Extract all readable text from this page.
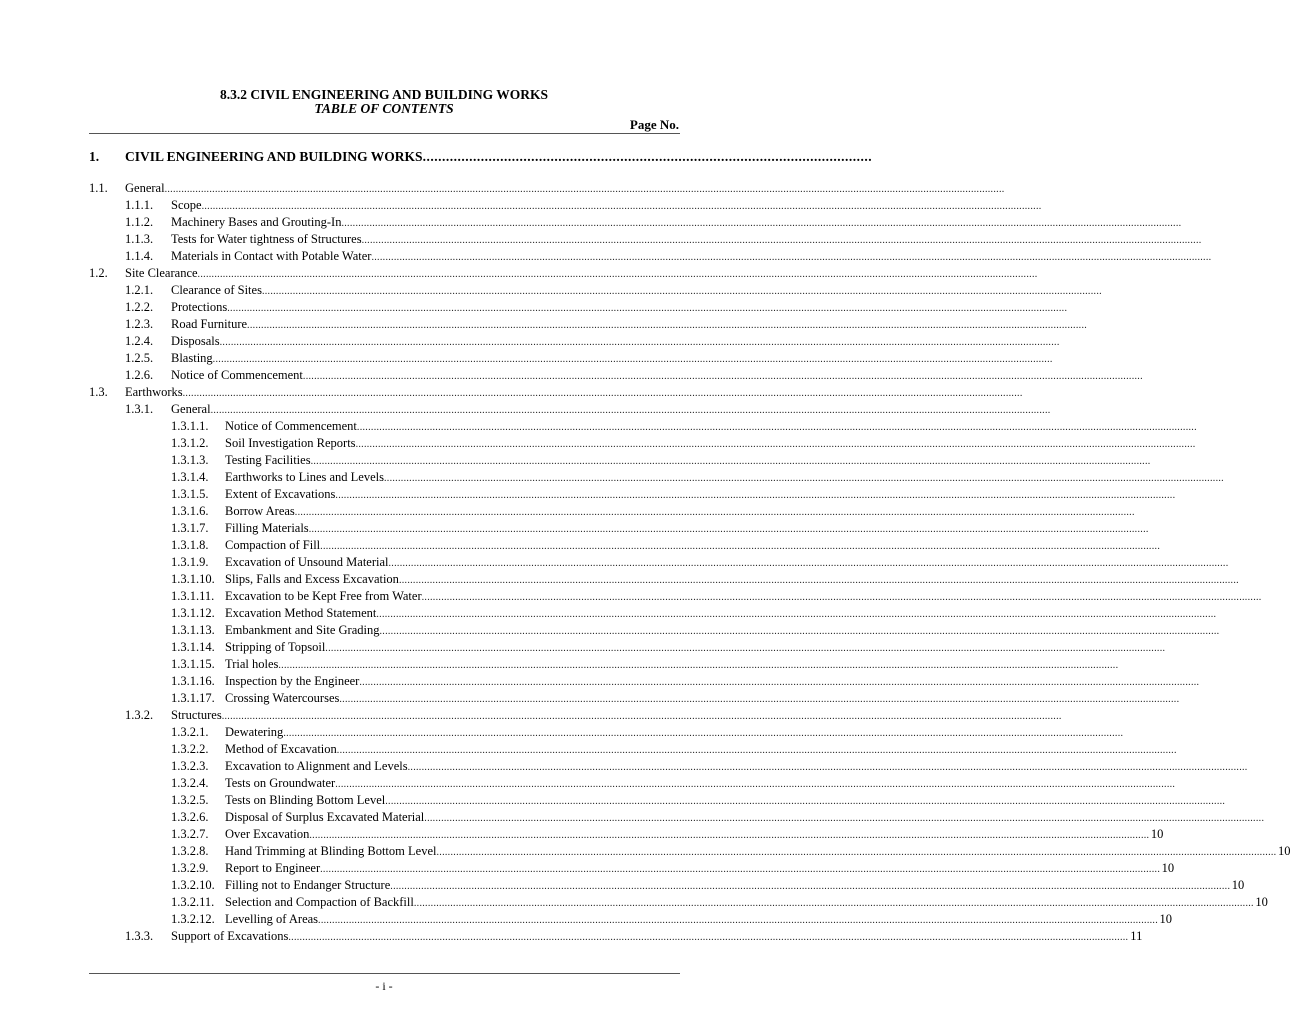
8.3.2 CIVIL ENGINEERING AND BUILDING WORKS
TABLE OF CONTENTS
Page No.
1.	CIVIL ENGINEERING AND BUILDING WORKS ....................................................................................................................
1.1.	General ............................................................................................................................................................................................................................................................................................................
1.1.1.	Scope ............................................................................................................................................................................................................................................................................................................
1.1.2.	Machinery Bases and Grouting-In ............................................................................................................................................................................................................................................................................................................
1.1.3.	Tests for Water tightness of Structures ............................................................................................................................................................................................................................................................................................................
1.1.4.	Materials in Contact with Potable Water ............................................................................................................................................................................................................................................................................................................
1.2.	Site Clearance ............................................................................................................................................................................................................................................................................................................
1.2.1.	Clearance of Sites ............................................................................................................................................................................................................................................................................................................
1.2.2.	Protections ............................................................................................................................................................................................................................................................................................................
1.2.3.	Road Furniture ............................................................................................................................................................................................................................................................................................................
1.2.4.	Disposals ............................................................................................................................................................................................................................................................................................................
1.2.5.	Blasting ............................................................................................................................................................................................................................................................................................................
1.2.6.	Notice of Commencement ............................................................................................................................................................................................................................................................................................................
1.3.	Earthworks ............................................................................................................................................................................................................................................................................................................
1.3.1.	General ............................................................................................................................................................................................................................................................................................................
1.3.1.1.	Notice of Commencement ............................................................................................................................................................................................................................................................................................................
1.3.1.2.	Soil Investigation Reports ............................................................................................................................................................................................................................................................................................................
1.3.1.3.	Testing Facilities ............................................................................................................................................................................................................................................................................................................
1.3.1.4.	Earthworks to Lines and Levels ............................................................................................................................................................................................................................................................................................................
1.3.1.5.	Extent of Excavations ............................................................................................................................................................................................................................................................................................................
1.3.1.6.	Borrow Areas ............................................................................................................................................................................................................................................................................................................
1.3.1.7.	Filling Materials ............................................................................................................................................................................................................................................................................................................
1.3.1.8.	Compaction of Fill ............................................................................................................................................................................................................................................................................................................
1.3.1.9.	Excavation of Unsound Material ............................................................................................................................................................................................................................................................................................................
1.3.1.10. Slips, Falls and Excess Excavation ............................................................................................................................................................................................................................................................................................................
1.3.1.11. Excavation to be Kept Free from Water ............................................................................................................................................................................................................................................................................................................
1.3.1.12. Excavation Method Statement ............................................................................................................................................................................................................................................................................................................
1.3.1.13. Embankment and Site Grading ............................................................................................................................................................................................................................................................................................................
1.3.1.14. Stripping of Topsoil ............................................................................................................................................................................................................................................................................................................
1.3.1.15. Trial holes ............................................................................................................................................................................................................................................................................................................
1.3.1.16. Inspection by the Engineer ............................................................................................................................................................................................................................................................................................................
1.3.1.17. Crossing Watercourses ............................................................................................................................................................................................................................................................................................................
1.3.2.	Structures ............................................................................................................................................................................................................................................................................................................
1.3.2.1.	Dewatering ............................................................................................................................................................................................................................................................................................................
1.3.2.2.	Method of Excavation ............................................................................................................................................................................................................................................................................................................
1.3.2.3.	Excavation to Alignment and Levels ............................................................................................................................................................................................................................................................................................................
1.3.2.4.	Tests on Groundwater ............................................................................................................................................................................................................................................................................................................
1.3.2.5.	Tests on Blinding Bottom Level ............................................................................................................................................................................................................................................................................................................
1.3.2.6.	Disposal of Surplus Excavated Material ............................................................................................................................................................................................................................................................................................................
1.3.2.7.	Over Excavation ............................................................................................................................................................................................................................................................................................................ 10
1.3.2.8.	Hand Trimming at Blinding Bottom Level ............................................................................................................................................................................................................................................................................................................ 10
1.3.2.9.	Report to Engineer ............................................................................................................................................................................................................................................................................................................ 10
1.3.2.10. Filling not to Endanger Structure ............................................................................................................................................................................................................................................................................................................ 10
1.3.2.11. Selection and Compaction of Backfill ............................................................................................................................................................................................................................................................................................................ 10
1.3.2.12. Levelling of Areas ............................................................................................................................................................................................................................................................................................................ 10
1.3.3.	Support of Excavations ............................................................................................................................................................................................................................................................................................................ 11
- i -
